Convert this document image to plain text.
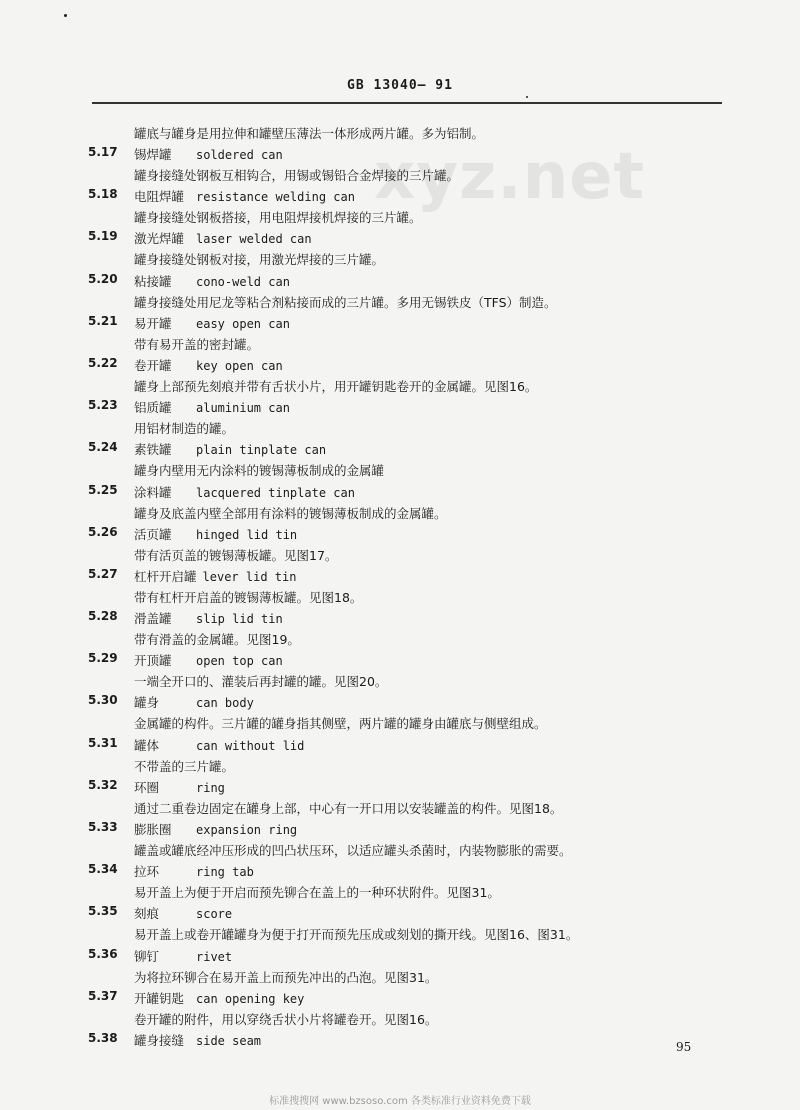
GB 13040— 91
xyz.net
罐底与罐身是用拉伸和罐壁压薄法一体形成两片罐。多为铝制。
5.17 锡焊罐 soldered can
罐身接缝处钢板互相钩合，用锡或锡铅合金焊接的三片罐。
5.18 电阻焊罐 resistance welding can
罐身接缝处钢板搭接，用电阻焊接机焊接的三片罐。
5.19 激光焊罐 laser welded can
罐身接缝处钢板对接，用激光焊接的三片罐。
5.20 粘接罐 cono-weld can
罐身接缝处用尼龙等粘合剂粘接而成的三片罐。多用无锡铁皮（TFS）制造。
5.21 易开罐 easy open can
带有易开盖的密封罐。
5.22 卷开罐 key open can
罐身上部预先刻痕并带有舌状小片，用开罐钥匙卷开的金属罐。见图16。
5.23 铝质罐 aluminium can
用铝材制造的罐。
5.24 素铁罐 plain tinplate can
罐身内壁用无内涂料的镀锡薄板制成的金属罐
5.25 涂料罐 lacquered tinplate can
罐身及底盖内壁全部用有涂料的镀锡薄板制成的金属罐。
5.26 活页罐 hinged lid tin
带有活页盖的镀锡薄板罐。见图17。
5.27 杠杆开启罐 lever lid tin
带有杠杆开启盖的镀锡薄板罐。见图18。
5.28 滑盖罐 slip lid tin
带有滑盖的金属罐。见图19。
5.29 开顶罐 open top can
一端全开口的、灌装后再封罐的罐。见图20。
5.30 罐身	can body
金属罐的构件。三片罐的罐身指其侧壁，两片罐的罐身由罐底与侧壁组成。
5.31 罐体	can without lid
不带盖的三片罐。
5.32 环圈	ring
通过二重卷边固定在罐身上部，中心有一开口用以安装罐盖的构件。见图18。
5.33 膨胀圈 expansion ring
罐盖或罐底经冲压形成的凹凸状压环，以适应罐头杀菌时，内装物膨胀的需要。
5.34 拉环	ring tab
易开盖上为便于开启而预先铆合在盖上的一种环状附件。见图31。
5.35 刻痕	score
易开盖上或卷开罐罐身为便于打开而预先压成或刻划的撕开线。见图16、图31。
5.36 铆钉	rivet
为将拉环铆合在易开盖上而预先冲出的凸泡。见图31。
5.37 开罐钥匙 can opening key
卷开罐的附件，用以穿绕舌状小片将罐卷开。见图16。
5.38 罐身接缝 side seam	95
标准搜搜网 www.bzsoso.com 各类标准行业资料免费下载
